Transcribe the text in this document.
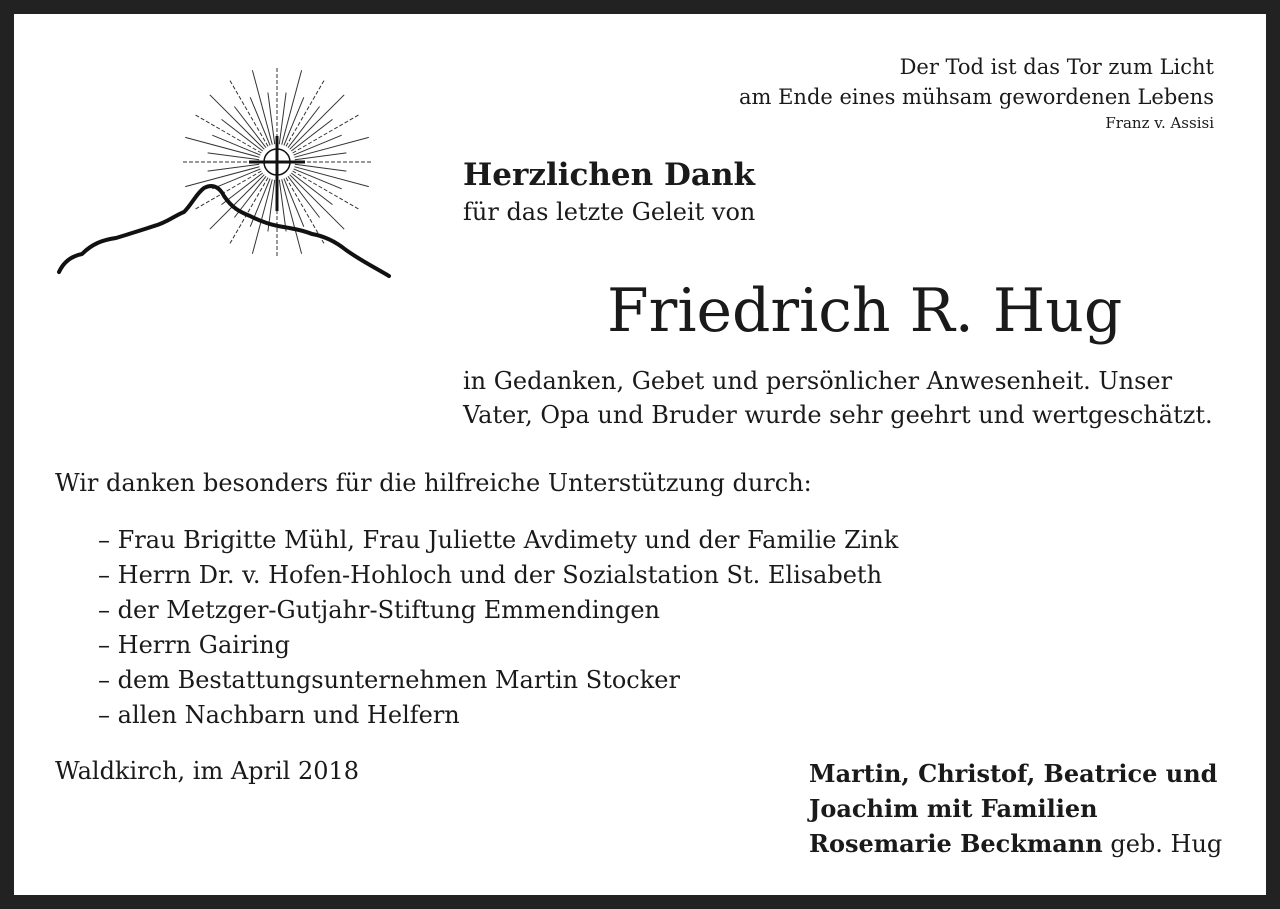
Der Tod ist das Tor zum Licht
am Ende eines mühsam gewordenen Lebens
Franz v. Assisi
Herzlichen Dank
für das letzte Geleit von
Friedrich R. Hug
in Gedanken, Gebet und persönlicher Anwesenheit. Unser
Vater, Opa und Bruder wurde sehr geehrt und wertgeschätzt.
Wir danken besonders für die hilfreiche Unterstützung durch:
– Frau Brigitte Mühl, Frau Juliette Avdimety und der Familie Zink
– Herrn Dr. v. Hofen-Hohloch und der Sozialstation St. Elisabeth
– der Metzger-Gutjahr-Stiftung Emmendingen
– Herrn Gairing
– dem Bestattungsunternehmen Martin Stocker
– allen Nachbarn und Helfern
Waldkirch, im April 2018	Martin, Christof, Beatrice und
Joachim mit Familien
Rosemarie Beckmann geb. Hug
